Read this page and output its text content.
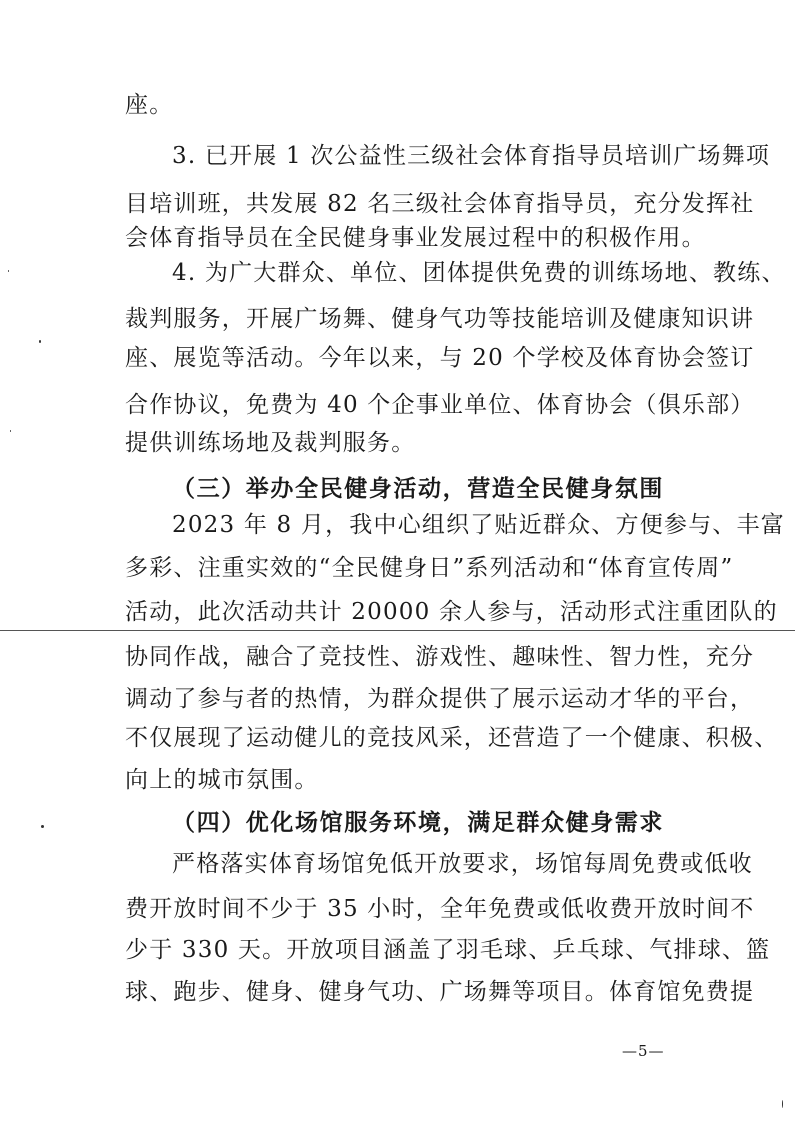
座。
3. 已开展 1 次公益性三级社会体育指导员培训广场舞项
目培训班，共发展 82 名三级社会体育指导员，充分发挥社
会体育指导员在全民健身事业发展过程中的积极作用。
4. 为广大群众、单位、团体提供免费的训练场地、教练、
裁判服务，开展广场舞、健身气功等技能培训及健康知识讲
座、展览等活动。今年以来，与 20 个学校及体育协会签订
合作协议，免费为 40 个企事业单位、体育协会（俱乐部）
提供训练场地及裁判服务。
（三）举办全民健身活动，营造全民健身氛围
2023 年 8 月，我中心组织了贴近群众、方便参与、丰富
多彩、注重实效的“全民健身日”系列活动和“体育宣传周”
活动，此次活动共计 20000 余人参与，活动形式注重团队的
协同作战，融合了竞技性、游戏性、趣味性、智力性，充分
调动了参与者的热情，为群众提供了展示运动才华的平台，
不仅展现了运动健儿的竞技风采，还营造了一个健康、积极、
向上的城市氛围。
（四）优化场馆服务环境，满足群众健身需求
严格落实体育场馆免低开放要求，场馆每周免费或低收
费开放时间不少于 35 小时，全年免费或低收费开放时间不
少于 330 天。开放项目涵盖了羽毛球、乒乓球、气排球、篮
球、跑步、健身、健身气功、广场舞等项目。体育馆免费提
—5—
